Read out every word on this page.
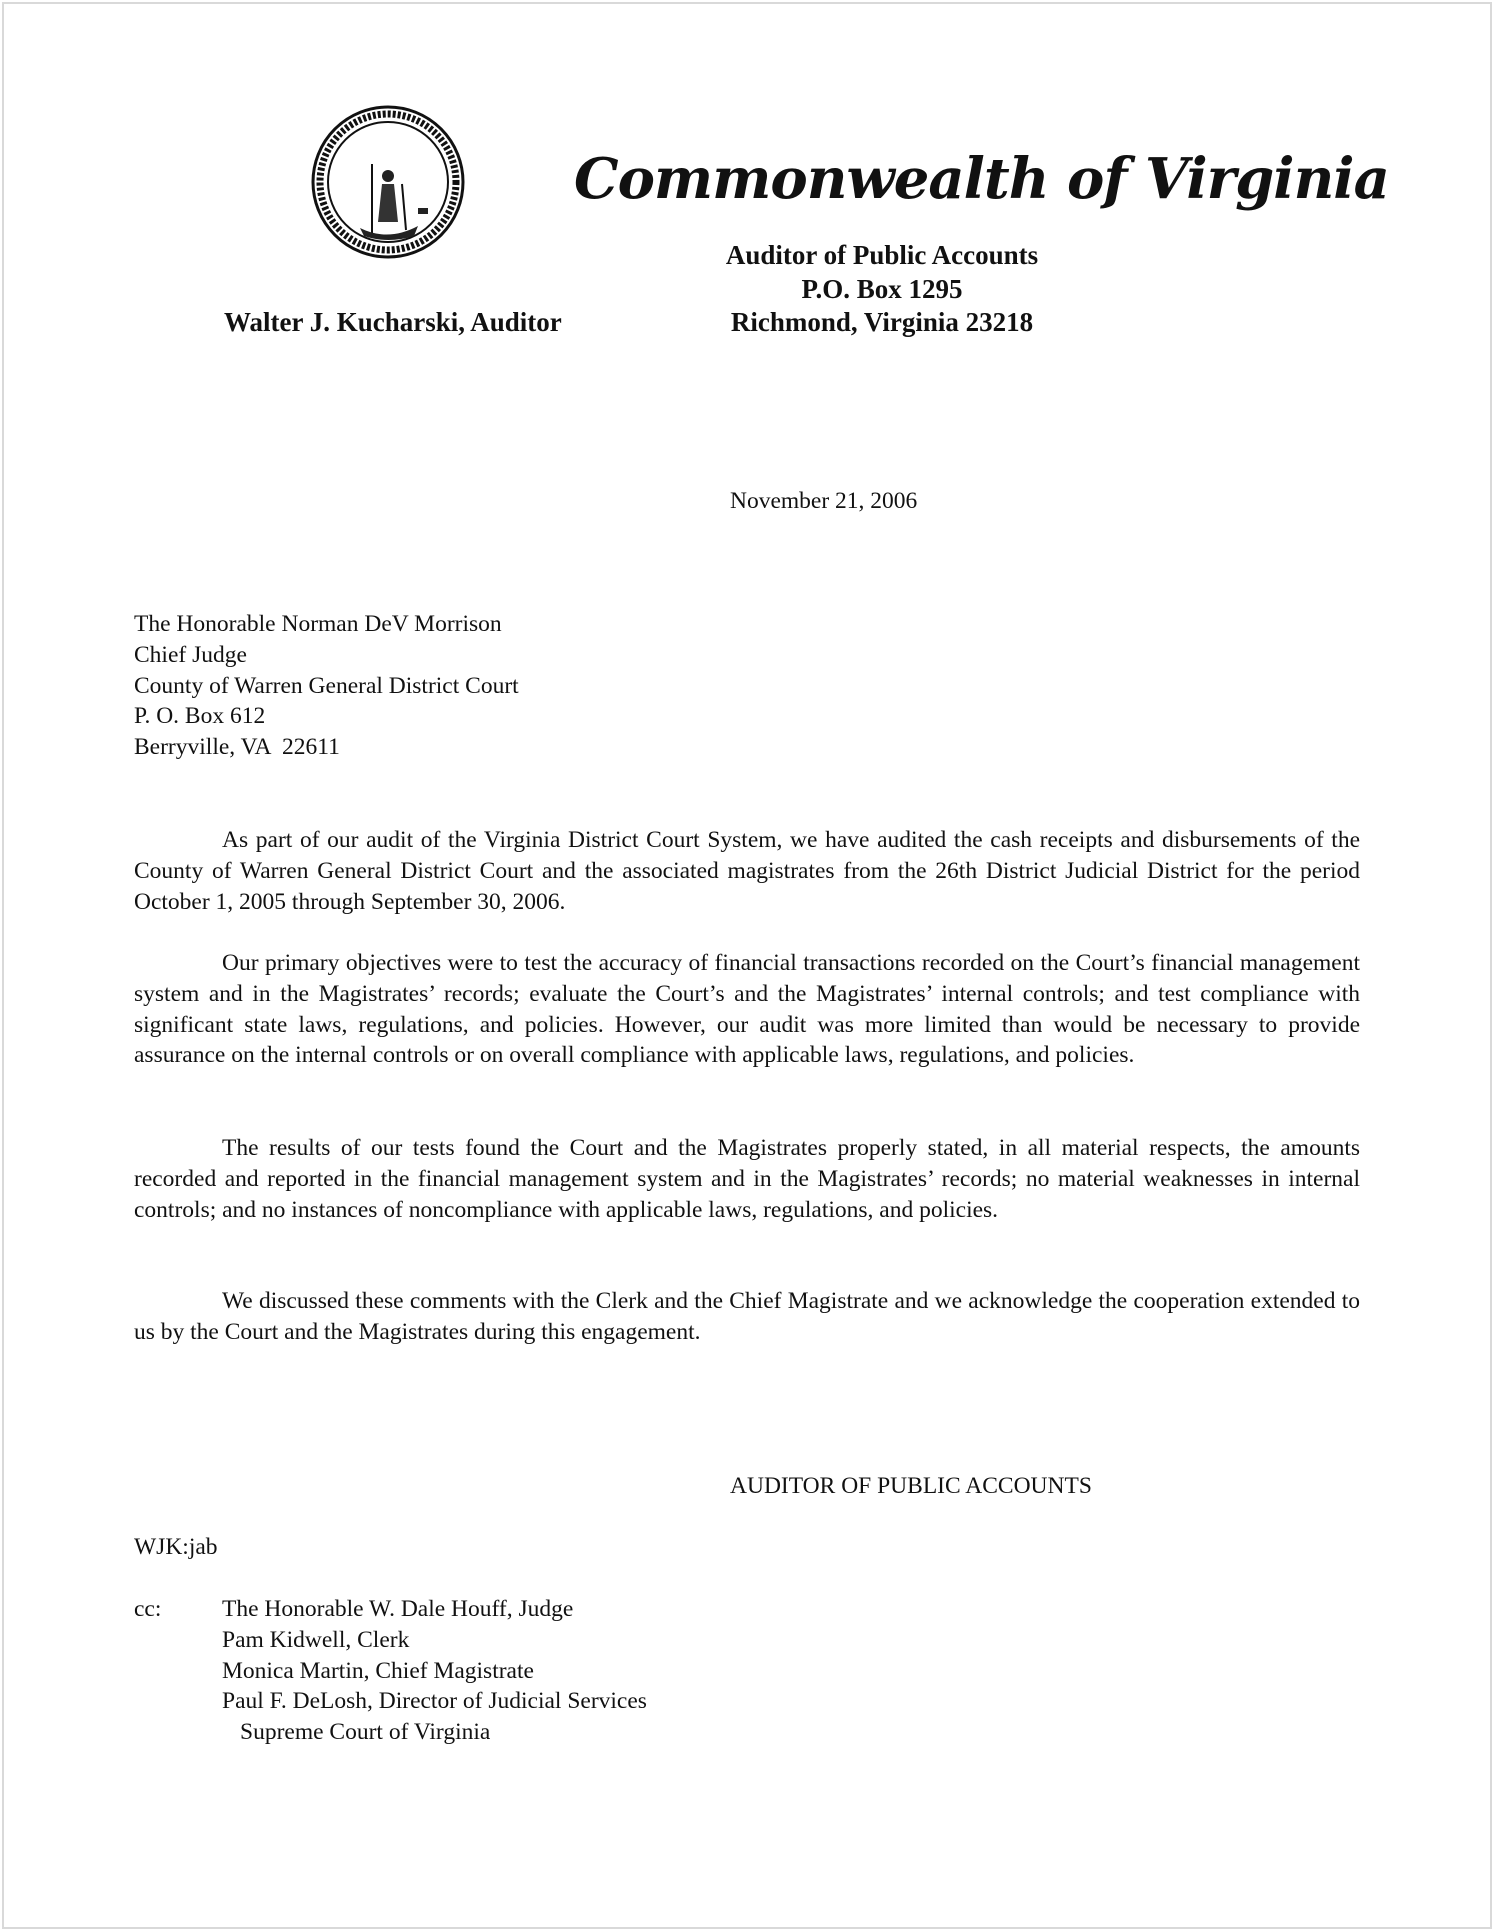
Commonwealth of Virginia
Auditor of Public Accounts
P.O. Box 1295
Richmond, Virginia 23218
Walter J. Kucharski, Auditor
November 21, 2006
The Honorable Norman DeV Morrison
Chief Judge
County of Warren General District Court
P. O. Box 612
Berryville, VA  22611
As part of our audit of the Virginia District Court System, we have audited the cash receipts and disbursements of the County of Warren General District Court and the associated magistrates from the 26th District Judicial District for the period October 1, 2005 through September 30, 2006.
Our primary objectives were to test the accuracy of financial transactions recorded on the Court’s financial management system and in the Magistrates’ records; evaluate the Court’s and the Magistrates’ internal controls; and test compliance with significant state laws, regulations, and policies. However, our audit was more limited than would be necessary to provide assurance on the internal controls or on overall compliance with applicable laws, regulations, and policies.
The results of our tests found the Court and the Magistrates properly stated, in all material respects, the amounts recorded and reported in the financial management system and in the Magistrates’ records; no material weaknesses in internal controls; and no instances of noncompliance with applicable laws, regulations, and policies.
We discussed these comments with the Clerk and the Chief Magistrate and we acknowledge the cooperation extended to us by the Court and the Magistrates during this engagement.
AUDITOR OF PUBLIC ACCOUNTS
WJK:jab
cc:	The Honorable W. Dale Houff, Judge
Pam Kidwell, Clerk
Monica Martin, Chief Magistrate
Paul F. DeLosh, Director of Judicial Services
Supreme Court of Virginia
